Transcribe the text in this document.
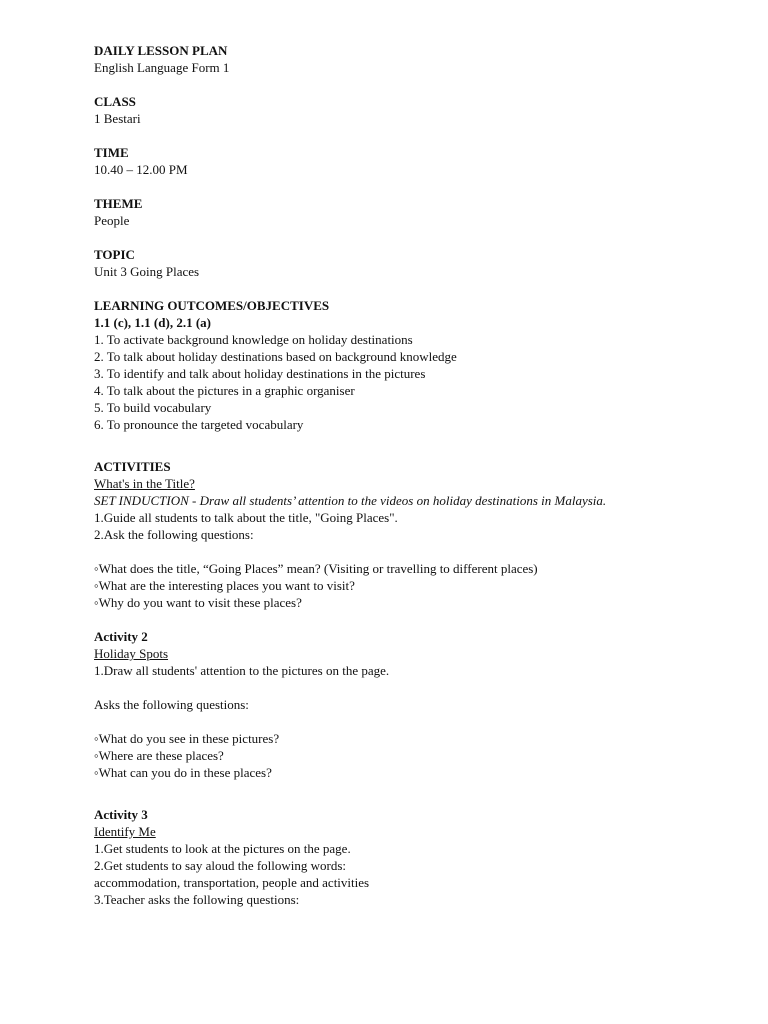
DAILY LESSON PLAN
English Language Form 1
CLASS
1 Bestari
TIME
10.40 – 12.00 PM
THEME
People
TOPIC
Unit 3 Going Places
LEARNING OUTCOMES/OBJECTIVES
1.1 (c), 1.1 (d), 2.1 (a)
1. To activate background knowledge on holiday destinations
2. To talk about holiday destinations based on background knowledge
3. To identify and talk about holiday destinations in the pictures
4. To talk about the pictures in a graphic organiser
5. To build vocabulary
6. To pronounce the targeted vocabulary
ACTIVITIES
What's in the Title?
SET INDUCTION - Draw all students’ attention to the videos on holiday destinations in Malaysia.
1.Guide all students to talk about the title, "Going Places".
2.Ask the following questions:
◦What does the title, “Going Places” mean? (Visiting or travelling to different places)
◦What are the interesting places you want to visit?
◦Why do you want to visit these places?
Activity 2
Holiday Spots
1.Draw all students' attention to the pictures on the page.
Asks the following questions:
◦What do you see in these pictures?
◦Where are these places?
◦What can you do in these places?
Activity 3
Identify Me
1.Get students to look at the pictures on the page.
2.Get students to say aloud the following words:
accommodation, transportation, people and activities
3.Teacher asks the following questions:
